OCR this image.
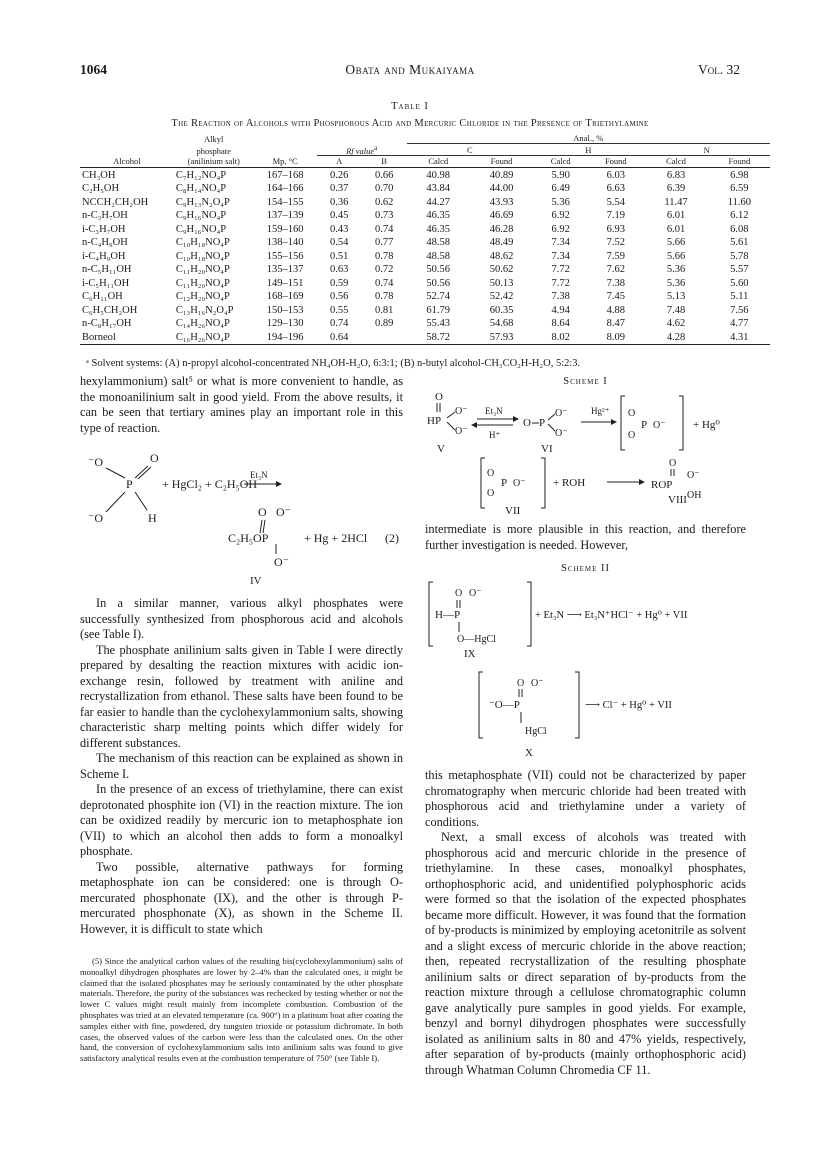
1064	Obata and Mukaiyama	Vol. 32
Table I
The Reaction of Alcohols with Phosphorous Acid and Mercuric Chloride in the Presence of Triethylamine
	Alkyl				Anal., %					
	phosphate		Rf value$^a$		C		H		N	
Alcohol	(anilinium salt)	Mp, °C	A	B	Calcd	Found	Calcd	Found	Calcd	Found
CH₃OH	C₇H₁₂NO₄P	167–168	0.26	0.66	40.98	40.89	5.90	6.03	6.83	6.98
C₂H₅OH	C₈H₁₄NO₄P	164–166	0.37	0.70	43.84	44.00	6.49	6.63	6.39	6.59
NCCH₂CH₂OH	C₉H₁₃N₂O₄P	154–155	0.36	0.62	44.27	43.93	5.36	5.54	11.47	11.60
n-C₃H₇OH	C₉H₁₆NO₄P	137–139	0.45	0.73	46.35	46.69	6.92	7.19	6.01	6.12
i-C₃H₇OH	C₉H₁₆NO₄P	159–160	0.43	0.74	46.35	46.28	6.92	6.93	6.01	6.08
n-C₄H₉OH	C₁₀H₁₈NO₄P	138–140	0.54	0.77	48.58	48.49	7.34	7.52	5.66	5.61
i-C₄H₉OH	C₁₀H₁₈NO₄P	155–156	0.51	0.78	48.58	48.62	7.34	7.59	5.66	5.78
n-C₅H₁₁OH	C₁₁H₂₀NO₄P	135–137	0.63	0.72	50.56	50.62	7.72	7.62	5.36	5.57
i-C₅H₁₁OH	C₁₁H₂₀NO₄P	149–151	0.59	0.74	50.56	50.13	7.72	7.38	5.36	5.60
C₆H₁₁OH	C₁₂H₂₀NO₄P	168–169	0.56	0.78	52.74	52.42	7.38	7.45	5.13	5.11
C₆H₅CH₂OH	C₁₃H₁₆N₂O₄P	150–153	0.55	0.81	61.79	60.35	4.94	4.88	7.48	7.56
n-C₈H₁₇OH	C₁₄H₂₆NO₄P	129–130	0.74	0.89	55.43	54.68	8.64	8.47	4.62	4.77
Borneol	C₁₆H₂₆NO₄P	194–196	0.64		58.72	57.93	8.02	8.09	4.28	4.31
ᵃ Solvent systems: (A) n-propyl alcohol-concentrated NH₄OH-H₂O, 6:3:1; (B) n-butyl alcohol-CH₃CO₂H-H₂O, 5:2:3.

hexylammonium) salt⁵ or what is more convenient to handle, as the monoanilinium salt in good yield. From the above results, it can be seen that tertiary amines play an important role in this type of reaction.

⁻O	O
P
⁻O	H
+ HgCl₂ + C₂H₅OH
Et₃N
O O⁻
C₂H₅OP
O⁻
+ Hg + 2HCl (2)
IV

In a similar manner, various alkyl phosphates were successfully synthesized from phosphorous acid and alcohols (see Table I).

The phosphate anilinium salts given in Table I were directly prepared by desalting the reaction mixtures with acidic ion-exchange resin, followed by treatment with aniline and recrystallization from ethanol. These salts have been found to be far easier to handle than the cyclohexylammonium salts, showing characteristic sharp melting points which differ widely for different substances.

The mechanism of this reaction can be explained as shown in Scheme I.

In the presence of an excess of triethylamine, there can exist deprotonated phosphite ion (VI) in the reaction mixture. The ion can be oxidized readily by mercuric ion to metaphosphate ion (VII) to which an alcohol then adds to form a monoalkyl phosphate.

Two possible, alternative pathways for forming metaphosphate ion can be considered: one is through O-mercurated phosphonate (IX), and the other is through P-mercurated phosphonate (X), as shown in the Scheme II. However, it is difficult to state which

(5) Since the analytical carbon values of the resulting bis(cyclohexylammonium) salts of monoalkyl dihydrogen phosphates are lower by 2–4% than the calculated ones, it might be claimed that the isolated phosphates may be seriously contaminated by the other phosphate materials. Therefore, the purity of the substances was rechecked by testing whether or not the lower C values might result mainly from incomplete combustion. Combustion of the phosphates was tried at an elevated temperature (ca. 900°) in a platinum boat after coating the samples either with fine, powdered, dry tungsten trioxide or potassium dichromate. In both cases, the observed values of the carbon were less than the calculated ones. On the other hand, the conversion of cyclohexylammonium salts into anilinium salts was found to give satisfactory analytical results even at the combustion temperature of 750° (see Table I).

Scheme I
O
HP
O⁻
O⁻
V
Et₃N
H⁺
O P
O⁻
O⁻
VI
Hg²⁺ O
O
P O⁻	+ Hg⁰
O
O
P O⁻	+ ROH
O
ROP
O⁻
OH
VII
VIII

intermediate is more plausible in this reaction, and therefore further investigation is needed. However,

Scheme II
O O⁻
H—P
O—HgCl
+ Et₃N ⟶ Et₃N⁺HCl⁻ + Hg⁰ + VII
O O⁻
⁻O—P
HgCl
⟶ Cl⁻ + Hg⁰ + VII
X
IX

this metaphosphate (VII) could not be characterized by paper chromatography when mercuric chloride had been treated with phosphorous acid and triethylamine under a variety of conditions.

Next, a small excess of alcohols was treated with phosphorous acid and mercuric chloride in the presence of triethylamine. In these cases, monoalkyl phosphates, orthophosphoric acid, and unidentified polyphosphoric acids were formed so that the isolation of the expected phosphates became more difficult. However, it was found that the formation of by-products is minimized by employing acetonitrile as solvent and a slight excess of mercuric chloride in the above reaction; then, repeated recrystallization of the resulting phosphate anilinium salts or direct separation of by-products from the reaction mixture through a cellulose chromatographic column gave analytically pure samples in good yields. For example, benzyl and bornyl dihydrogen phosphates were successfully isolated as anilinium salts in 80 and 47% yields, respectively, after separation of by-products (mainly orthophosphoric acid) through Whatman Column Chromedia CF 11.
